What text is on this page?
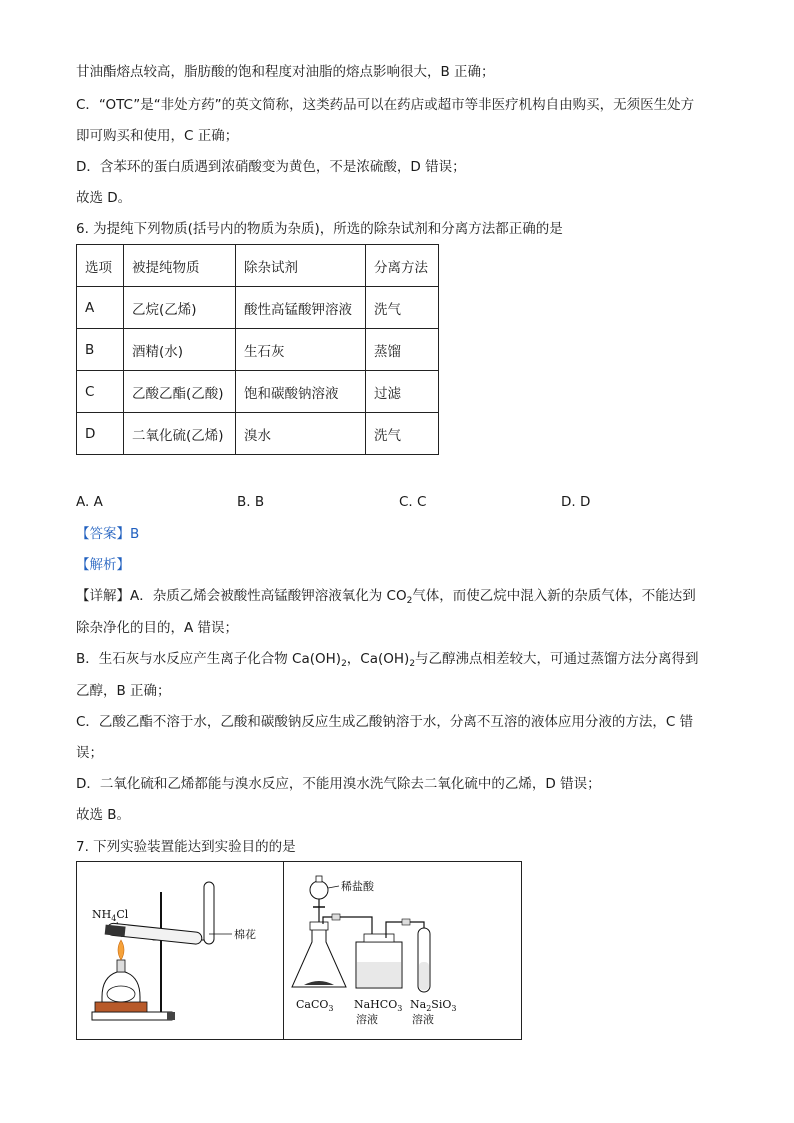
甘油酯熔点较高，脂肪酸的饱和程度对油脂的熔点影响很大，B 正确；
C．“OTC”是“非处方药”的英文简称，这类药品可以在药店或超市等非医疗机构自由购买，无须医生处方
即可购买和使用，C 正确；
D．含苯环的蛋白质遇到浓硝酸变为黄色，不是浓硫酸，D 错误；
故选 D。
6. 为提纯下列物质(括号内的物质为杂质)，所选的除杂试剂和分离方法都正确的是
选项	被提纯物质	除杂试剂	分离方法
A	乙烷(乙烯)	酸性高锰酸钾溶液	洗气
B	酒精(水)	生石灰	蒸馏
C	乙酸乙酯(乙酸)	饱和碳酸钠溶液	过滤
D	二氧化硫(乙烯)	溴水	洗气
A. A	B. B	C. C	D. D
【答案】B
【解析】
【详解】A．杂质乙烯会被酸性高锰酸钾溶液氧化为 $CO_2$气体，而使乙烷中混入新的杂质气体，不能达到
除杂净化的目的，A 错误；
B．生石灰与水反应产生离子化合物 $Ca(OH)_2$，$Ca(OH)_2$与乙醇沸点相差较大，可通过蒸馏方法分离得到
乙醇，B 正确；
C．乙酸乙酯不溶于水，乙酸和碳酸钠反应生成乙酸钠溶于水，分离不互溶的液体应用分液的方法，C 错
误；
D．二氧化硫和乙烯都能与溴水反应，不能用溴水洗气除去二氧化硫中的乙烯，D 错误；
故选 B。
7. 下列实验装置能达到实验目的的是
$NH_4Cl$
棉花
稀盐酸
CaCO$_3$ NaHCO$_3$
溶液
$Na_2SiO_3$
溶液
